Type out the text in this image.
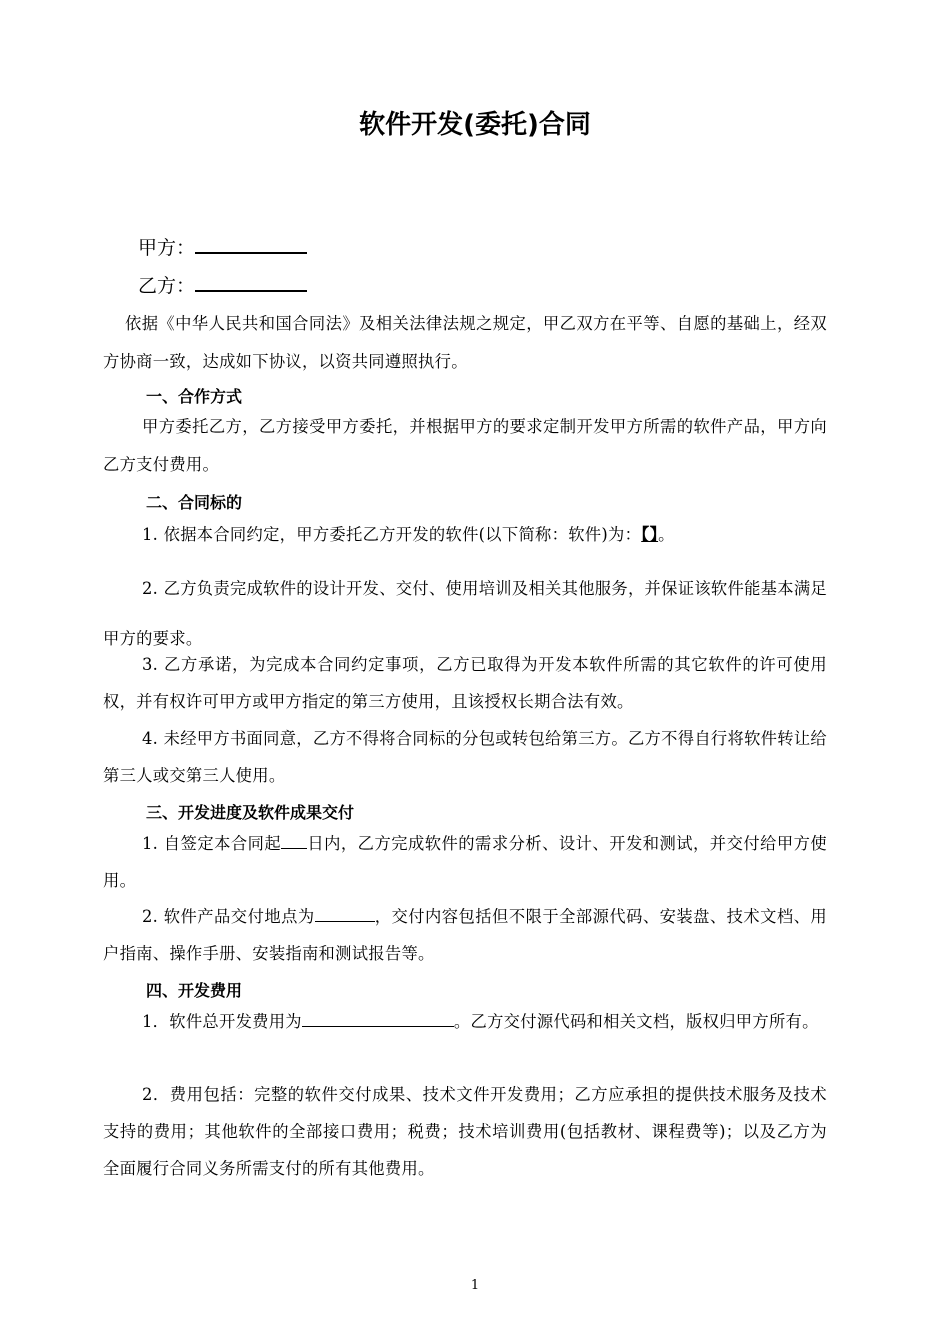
软件开发(委托)合同
甲方：
乙方：
依据《中华人民共和国合同法》及相关法律法规之规定，甲乙双方在平等、自愿的基础上，经双方协商一致，达成如下协议，以资共同遵照执行。
一、合作方式
甲方委托乙方，乙方接受甲方委托，并根据甲方的要求定制开发甲方所需的软件产品，甲方向乙方支付费用。
二、合同标的
1. 依据本合同约定，甲方委托乙方开发的软件(以下简称：软件)为：【】。
2. 乙方负责完成软件的设计开发、交付、使用培训及相关其他服务，并保证该软件能基本满足甲方的要求。
3. 乙方承诺，为完成本合同约定事项，乙方已取得为开发本软件所需的其它软件的许可使用权，并有权许可甲方或甲方指定的第三方使用，且该授权长期合法有效。
4. 未经甲方书面同意，乙方不得将合同标的分包或转包给第三方。乙方不得自行将软件转让给第三人或交第三人使用。
三、开发进度及软件成果交付
1. 自签定本合同起 日内，乙方完成软件的需求分析、设计、开发和测试，并交付给甲方使用。
2. 软件产品交付地点为	，交付内容包括但不限于全部源代码、安装盘、技术文档、用户指南、操作手册、安装指南和测试报告等。
四、开发费用
1．软件总开发费用为	。乙方交付源代码和相关文档，版权归甲方所有。
2．费用包括：完整的软件交付成果、技术文件开发费用；乙方应承担的提供技术服务及技术支持的费用；其他软件的全部接口费用；税费；技术培训费用(包括教材、课程费等)；以及乙方为全面履行合同义务所需支付的所有其他费用。
1
